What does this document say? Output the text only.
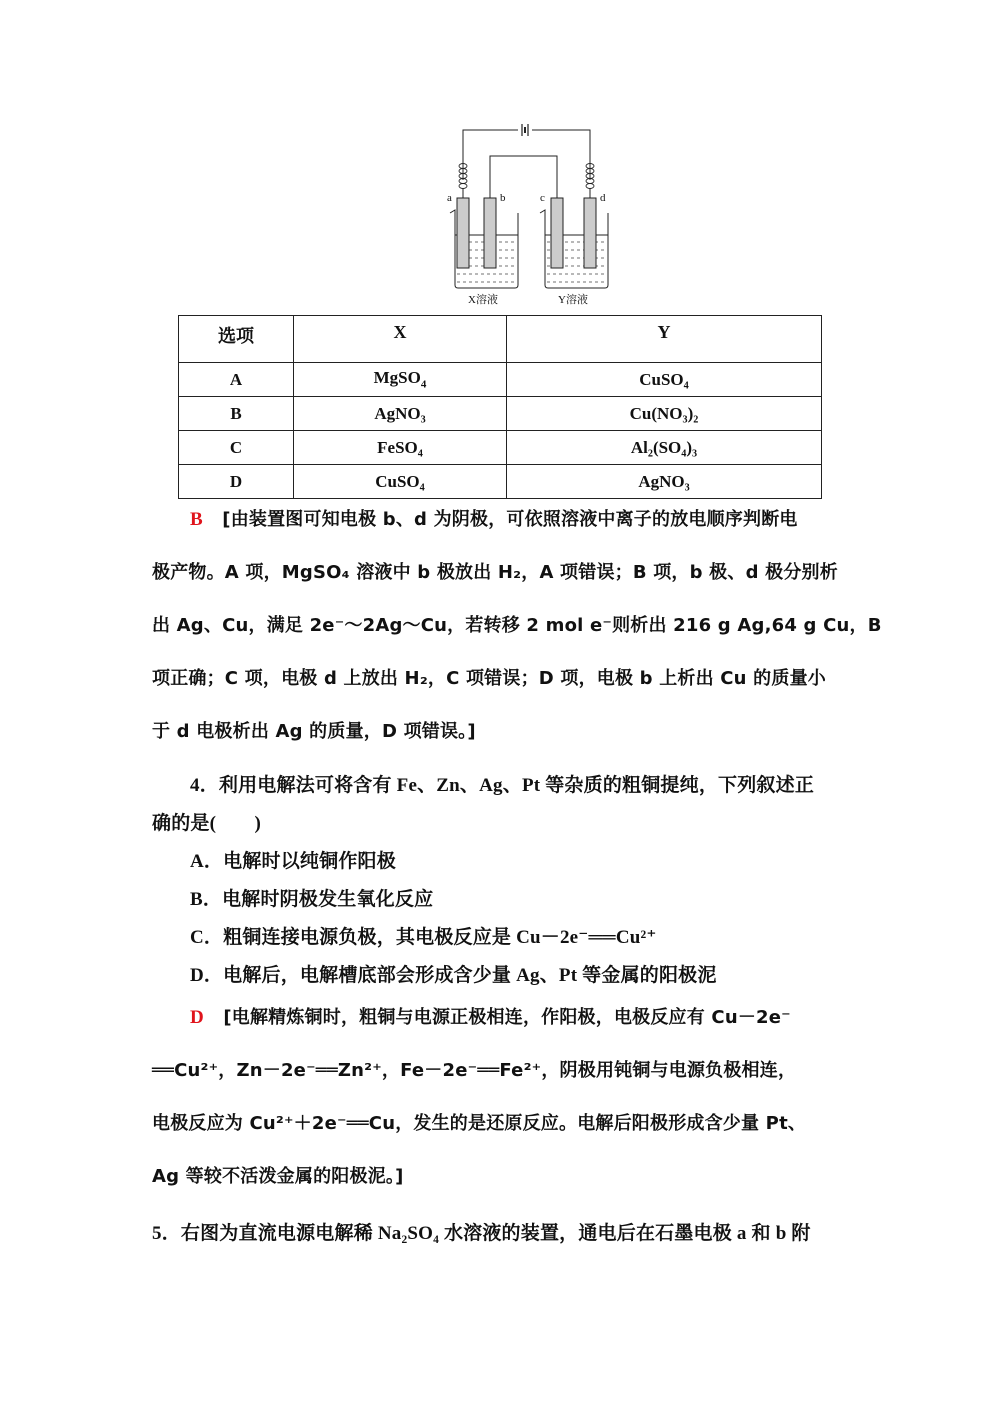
a	b	c	d
X溶液	Y溶液
选项	X	Y
A	MgSO$_4$	CuSO₄
B	AgNO₃	Cu(NO₃)₂
C	FeSO₄	Al₂(SO₄)₃
D	CuSO₄	AgNO₃
B [由装置图可知电极 b、d 为阴极，可依照溶液中离子的放电顺序判断电
极产物。A 项，MgSO₄ 溶液中 b 极放出 H₂，A 项错误；B 项，b 极、d 极分别析
出 Ag、Cu，满足 2e⁻～2Ag～Cu，若转移 2 mol e⁻则析出 216 g Ag,64 g Cu，B
项正确；C 项，电极 d 上放出 H₂，C 项错误；D 项，电极 b 上析出 Cu 的质量小
于 d 电极析出 Ag 的质量，D 项错误。]
4．利用电解法可将含有 Fe、Zn、Ag、Pt 等杂质的粗铜提纯，下列叙述正
确的是(　　)
A．电解时以纯铜作阳极
B．电解时阴极发生氧化反应
C．粗铜连接电源负极，其电极反应是 Cu－2e⁻══Cu²⁺
D．电解后，电解槽底部会形成含少量 Ag、Pt 等金属的阳极泥
D [电解精炼铜时，粗铜与电源正极相连，作阳极，电极反应有 Cu－2e⁻
══Cu²⁺，Zn－2e⁻══Zn²⁺，Fe－2e⁻══Fe²⁺，阴极用钝铜与电源负极相连，
电极反应为 Cu²⁺＋2e⁻══Cu，发生的是还原反应。电解后阳极形成含少量 Pt、
Ag 等较不活泼金属的阳极泥。]
5．右图为直流电源电解稀 Na₂SO₄ 水溶液的装置，通电后在石墨电极 a 和 b 附
